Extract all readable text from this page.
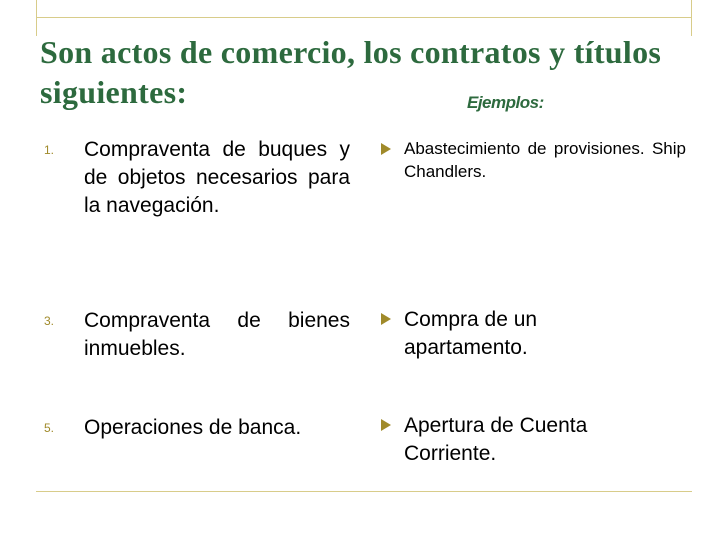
Son actos de comercio, los contratos y títulos siguientes:	Ejemplos:
1. Compraventa de buques y de objetos necesarios para la navegación.
3. Compraventa de bienes inmuebles.
5. Operaciones de banca.
Abastecimiento de provisiones. Ship Chandlers.
Compra de un apartamento.
Apertura de Cuenta Corriente.
